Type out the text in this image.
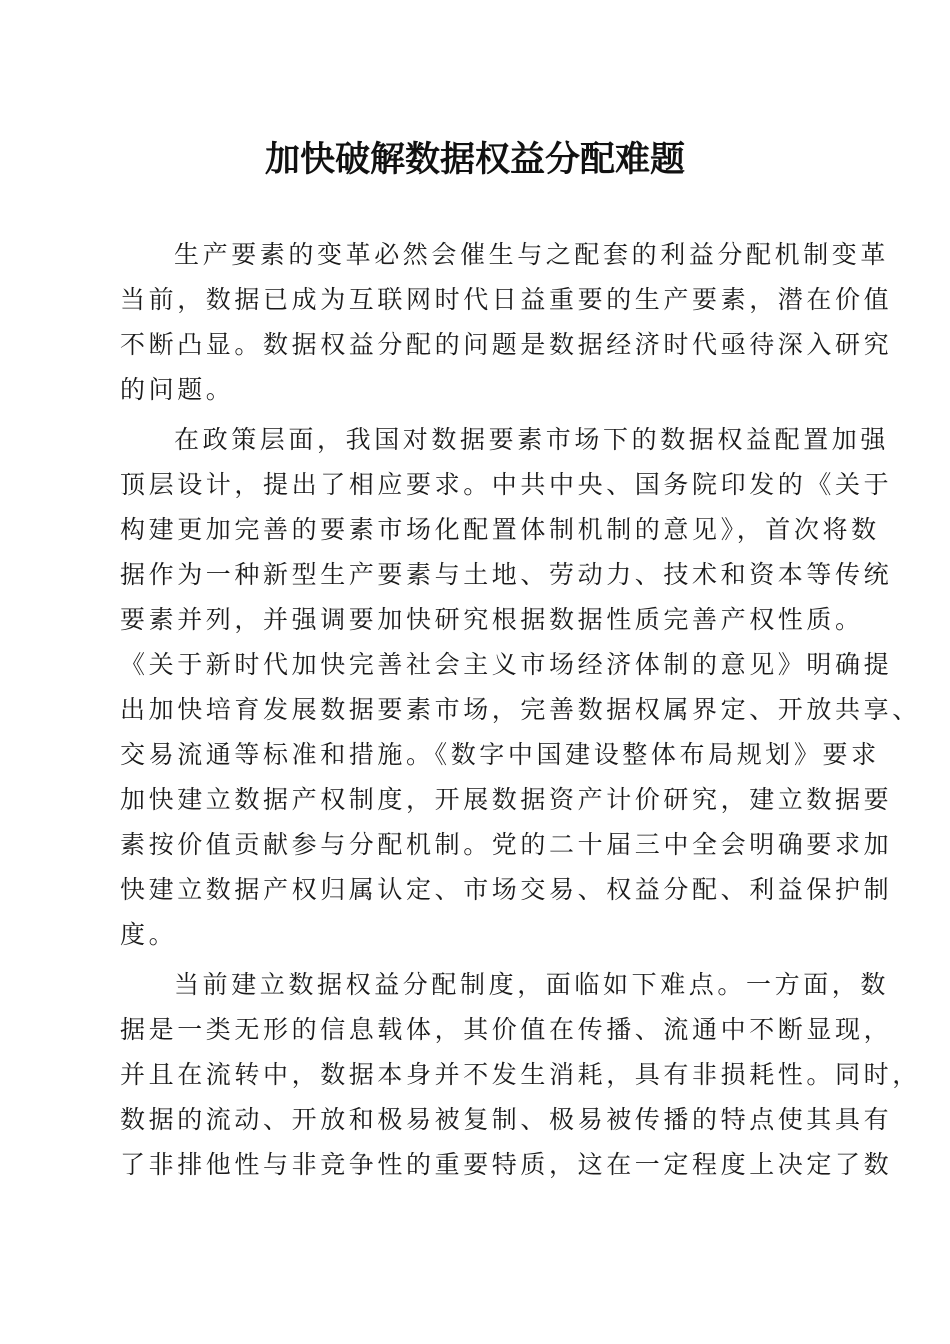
加快破解数据权益分配难题
生产要素的变革必然会催生与之配套的利益分配机制变革
当前，数据已成为互联网时代日益重要的生产要素，潜在价值
不断凸显。数据权益分配的问题是数据经济时代亟待深入研究
的问题。
在政策层面，我国对数据要素市场下的数据权益配置加强
顶层设计，提出了相应要求。中共中央、国务院印发的《关于
构建更加完善的要素市场化配置体制机制的意见》，首次将数
据作为一种新型生产要素与土地、劳动力、技术和资本等传统
要素并列，并强调要加快研究根据数据性质完善产权性质。
《关于新时代加快完善社会主义市场经济体制的意见》明确提
出加快培育发展数据要素市场，完善数据权属界定、开放共享、
交易流通等标准和措施。《数字中国建设整体布局规划》要求
加快建立数据产权制度，开展数据资产计价研究，建立数据要
素按价值贡献参与分配机制。党的二十届三中全会明确要求加
快建立数据产权归属认定、市场交易、权益分配、利益保护制
度。
当前建立数据权益分配制度，面临如下难点。一方面，数
据是一类无形的信息载体，其价值在传播、流通中不断显现，
并且在流转中，数据本身并不发生消耗，具有非损耗性。同时，
数据的流动、开放和极易被复制、极易被传播的特点使其具有
了非排他性与非竞争性的重要特质，这在一定程度上决定了数
